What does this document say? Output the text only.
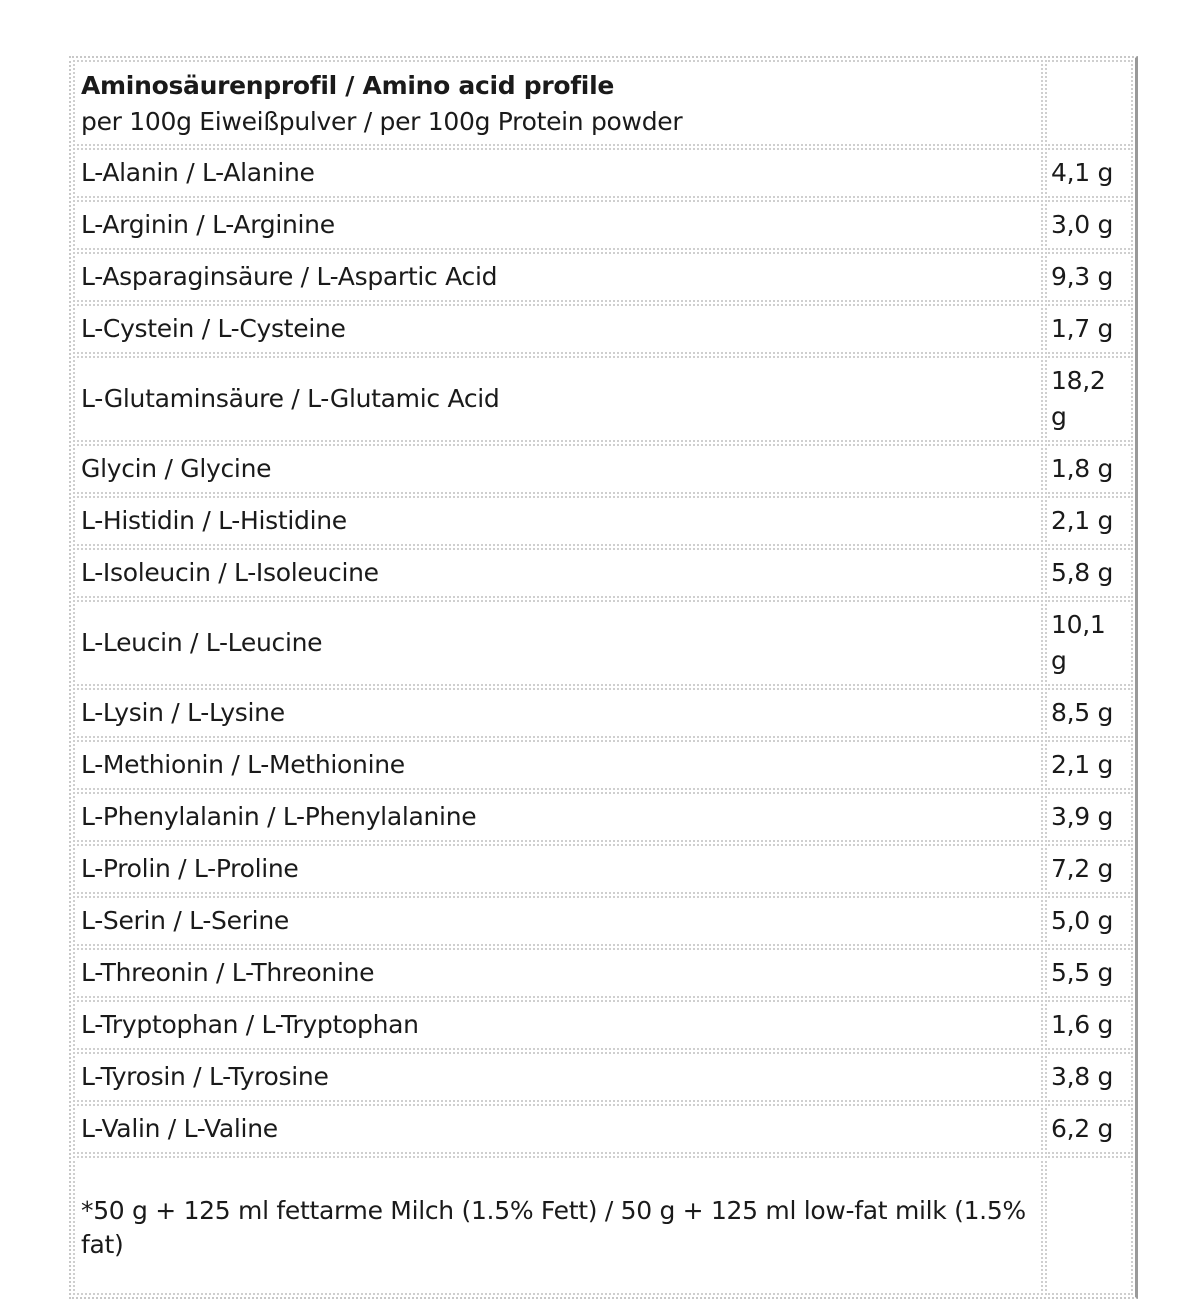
Aminosäurenprofil / Amino acid profile
per 100g Eiweißpulver / per 100g Protein powder	

L-Alanin / L-Alanine	4,1 g
L-Arginin / L-Arginine	3,0 g
L-Asparaginsäure / L-Aspartic Acid	9,3 g
L-Cystein / L-Cysteine	1,7 g
L-Glutaminsäure / L-Glutamic Acid	18,2 g
Glycin / Glycine	1,8 g
L-Histidin / L-Histidine	2,1 g
L-Isoleucin / L-Isoleucine	5,8 g
L-Leucin / L-Leucine	10,1 g
L-Lysin / L-Lysine	8,5 g
L-Methionin / L-Methionine	2,1 g
L-Phenylalanin / L-Phenylalanine	3,9 g
L-Prolin / L-Proline	7,2 g
L-Serin / L-Serine	5,0 g
L-Threonin / L-Threonine	5,5 g
L-Tryptophan / L-Tryptophan	1,6 g
L-Tyrosin / L-Tyrosine	3,8 g
L-Valin / L-Valine	6,2 g
*50 g + 125 ml fettarme Milch (1.5% Fett) / 50 g + 125 ml low-fat milk (1.5% fat)	
